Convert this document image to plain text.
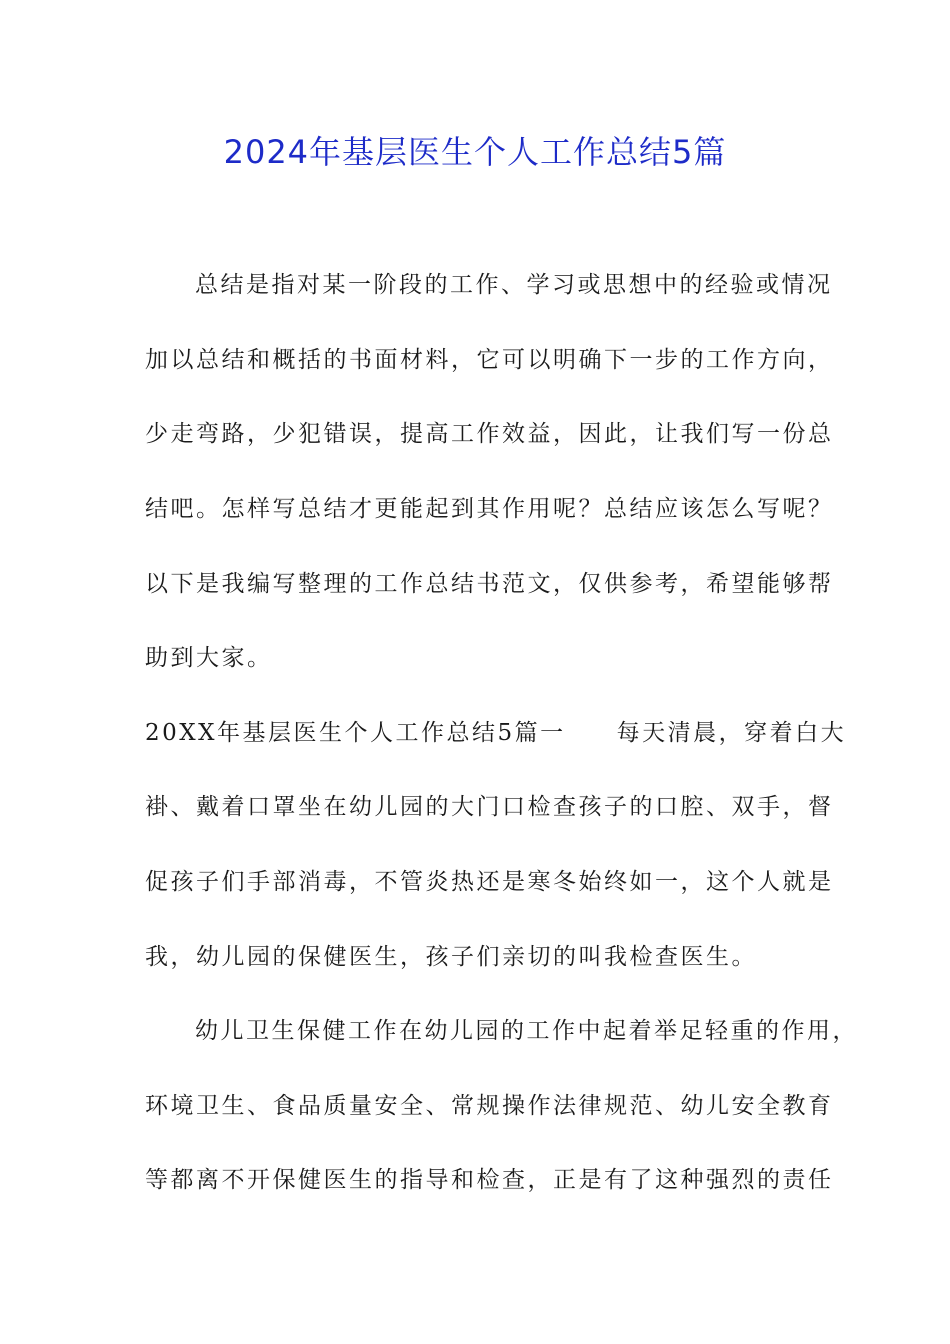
2024年基层医生个人工作总结5篇

总结是指对某一阶段的工作、学习或思想中的经验或情况

加以总结和概括的书面材料，它可以明确下一步的工作方向，

少走弯路，少犯错误，提高工作效益，因此，让我们写一份总

结吧。怎样写总结才更能起到其作用呢？总结应该怎么写呢？

以下是我编写整理的工作总结书范文，仅供参考，希望能够帮

助到大家。

20XX年基层医生个人工作总结5篇一　　每天清晨，穿着白大

褂、戴着口罩坐在幼儿园的大门口检查孩子的口腔、双手，督

促孩子们手部消毒，不管炎热还是寒冬始终如一，这个人就是

我，幼儿园的保健医生，孩子们亲切的叫我检查医生。

幼儿卫生保健工作在幼儿园的工作中起着举足轻重的作用，

环境卫生、食品质量安全、常规操作法律规范、幼儿安全教育

等都离不开保健医生的指导和检查，正是有了这种强烈的责任
